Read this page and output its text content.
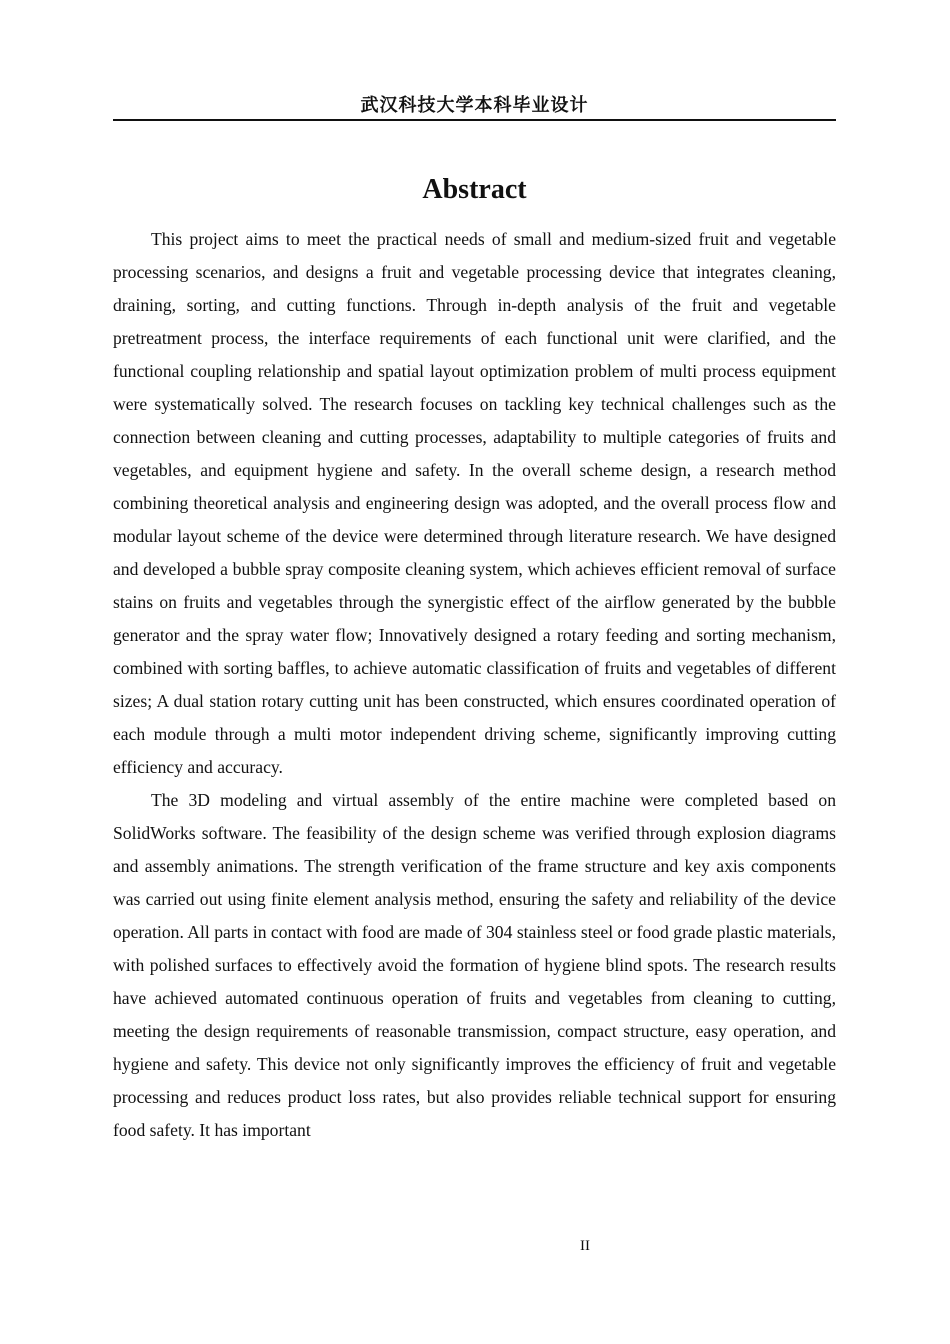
武汉科技大学本科毕业设计
Abstract

This project aims to meet the practical needs of small and medium-sized fruit and vegetable processing scenarios, and designs a fruit and vegetable processing device that integrates cleaning, draining, sorting, and cutting functions. Through in-depth analysis of the fruit and vegetable pretreatment process, the interface requirements of each functional unit were clarified, and the functional coupling relationship and spatial layout optimization problem of multi process equipment were systematically solved. The research focuses on tackling key technical challenges such as the connection between cleaning and cutting processes, adaptability to multiple categories of fruits and vegetables, and equipment hygiene and safety. In the overall scheme design, a research method combining theoretical analysis and engineering design was adopted, and the overall process flow and modular layout scheme of the device were determined through literature research. We have designed and developed a bubble spray composite cleaning system, which achieves efficient removal of surface stains on fruits and vegetables through the synergistic effect of the airflow generated by the bubble generator and the spray water flow; Innovatively designed a rotary feeding and sorting mechanism, combined with sorting baffles, to achieve automatic classification of fruits and vegetables of different sizes; A dual station rotary cutting unit has been constructed, which ensures coordinated operation of each module through a multi motor independent driving scheme, significantly improving cutting efficiency and accuracy.

The 3D modeling and virtual assembly of the entire machine were completed based on SolidWorks software. The feasibility of the design scheme was verified through explosion diagrams and assembly animations. The strength verification of the frame structure and key axis components was carried out using finite element analysis method, ensuring the safety and reliability of the device operation. All parts in contact with food are made of 304 stainless steel or food grade plastic materials, with polished surfaces to effectively avoid the formation of hygiene blind spots. The research results have achieved automated continuous operation of fruits and vegetables from cleaning to cutting, meeting the design requirements of reasonable transmission, compact structure, easy operation, and hygiene and safety. This device not only significantly improves the efficiency of fruit and vegetable processing and reduces product loss rates, but also provides reliable technical support for ensuring food safety. It has important

II
